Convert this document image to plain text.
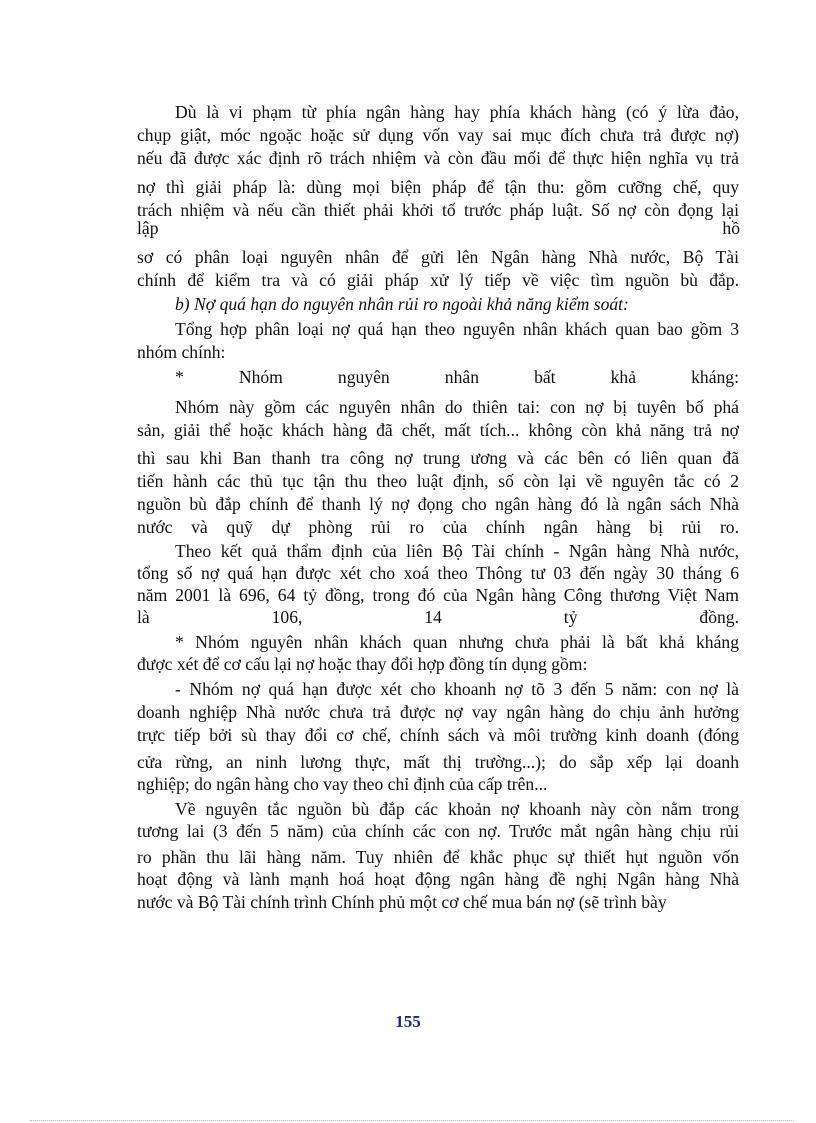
Dù là vi phạm từ phía ngân hàng hay phía khách hàng (có ý lừa đảo,
chụp giật, móc ngoặc hoặc sử dụng vốn vay sai mục đích chưa trả được nợ)
nếu đã được xác định rõ trách nhiệm và còn đầu mối để thực hiện nghĩa vụ trả
nợ thì giải pháp là: dùng mọi biện pháp để tận thu: gồm cưỡng chế, quy
trách nhiệm và nếu cần thiết phải khởi tố trước pháp luật. Số nợ còn đọng lại
lập	hồ
sơ có phân loại nguyên nhân để gửi lên Ngân hàng Nhà nước, Bộ Tài
chính để kiểm tra và có giải pháp xử lý tiếp về việc tìm nguồn bù đắp.
b) Nợ quá hạn do nguyên nhân rủi ro ngoài khả năng kiểm soát:
Tổng hợp phân loại nợ quá hạn theo nguyên nhân khách quan bao gồm 3
nhóm chính:
* Nhóm nguyên nhân bất khả kháng:
Nhóm này gồm các nguyên nhân do thiên tai: con nợ bị tuyên bố phá
sản, giải thể hoặc khách hàng đã chết, mất tích... không còn khả năng trả nợ
thì sau khi Ban thanh tra công nợ trung ương và các bên có liên quan đã
tiến hành các thủ tục tận thu theo luật định, số còn lại về nguyên tắc có 2
nguồn bù đắp chính để thanh lý nợ đọng cho ngân hàng đó là ngân sách Nhà
nước và quỹ dự phòng rủi ro của chính ngân hàng bị rủi ro.
Theo kết quả thẩm định của liên Bộ Tài chính - Ngân hàng Nhà nước,
tổng số nợ quá hạn được xét cho xoá theo Thông tư 03 đến ngày 30 tháng 6
năm 2001 là 696, 64 tỷ đồng, trong đó của Ngân hàng Công thương Việt Nam
là 106, 14 tỷ đồng.
* Nhóm nguyên nhân khách quan nhưng chưa phải là bất khả kháng
được xét để cơ cấu lại nợ hoặc thay đổi hợp đồng tín dụng gồm:
- Nhóm nợ quá hạn được xét cho khoanh nợ tõ 3 đến 5 năm: con nợ là
doanh nghiệp Nhà nước chưa trả được nợ vay ngân hàng do chịu ảnh hưởng
trực tiếp bởi sù thay đổi cơ chế, chính sách và môi trường kinh doanh (đóng
cửa rừng, an ninh lương thực, mất thị trường...); do sắp xếp lại doanh
nghiệp; do ngân hàng cho vay theo chỉ định của cấp trên...
Về nguyên tắc nguồn bù đắp các khoản nợ khoanh này còn nằm trong
tương lai (3 đến 5 năm) của chính các con nợ. Trước mắt ngân hàng chịu rủi
ro phần thu lãi hàng năm. Tuy nhiên để khắc phục sự thiết hụt nguồn vốn
hoạt động và lành mạnh hoá hoạt động ngân hàng đề nghị Ngân hàng Nhà
nước và Bộ Tài chính trình Chính phủ một cơ chế mua bán nợ (sẽ trình bày
155
